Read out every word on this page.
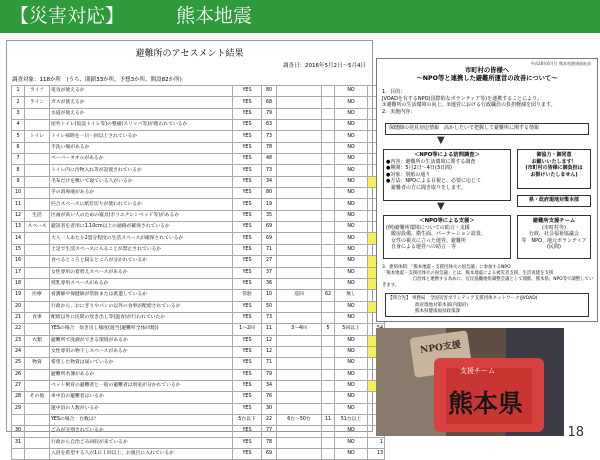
【災害対応】	熊本地震
避難所のアセスメント結果
調査日：2016年5月2日〜5月4日
調査対象：118か所　(うち、閉鎖33か所、予想3か所、開設82か所)
1	ライフ	電気が使えるか	YES	80			NO	
2	ライン	ガスが使えるか	YES	68			NO	
3		水道が使えるか	YES	79			NO	
4		屋外トイレ(仮設トイレ等)の整備(スリッパ等)が使われているか	YES	63			NO	
5	トイレ	トイレ掃除を一日一回以上されているか	YES	73			NO	
6		手洗い場があるか	YES	78			NO	
7		ペーパータオルがあるか	YES	48			NO	
8		トイレ内に汚物入れ等が設置されているか	YES	73			NO	
9		毛布だけを敷いて寝ている人がいるか	YES	34			NO	
10		手の消毒液があるか	YES	80			NO	
11		匹合スペースに紙仕切りが使われているか	YES	19			NO	
12	生活	区画が高い人のための寝具(ポリエチレンベッド等)があるか	YES	35			NO	
13	スペース	避該者を者用に1.10cm以上の通路が確保されているか	YES	69			NO	
14		大人一人あたり2畳分程度の生活スペースが確保されているか	YES	69			NO	
15		土足で生活スペースに入ることが禁止されているか	YES	71			NO	
16		食べるところと寝るところが分かれているか	YES	27			NO	
17		女性専用の着替えスペースがあるか	YES	37			NO	
18		授乳専用スペースがあるか	YES	36			NO	
19	医療	看護師や保健師が常駐または派遣しているか	常駐	10	巡回	62	無し	
20		行政から、おにぎりやパンの以外の食事が配給されているか	YES	50			NO	
21	食事	配給以外に民間の炊き出し等(温食)が行われていたか	YES	73			NO	
22		YESの場合　炊き出し頻度(週当(避難所全体回数))	1〜2回	11	3〜4回	5	5回以上	
23	衣類	避難所で洗濯ができる環境があるか	YES	12			NO	
24		女性専用の物干しスペースがあるか	YES	12			NO	
25	物資	希望した物資は届いているか	YES	71			NO	
26		避難所名簿があるか	YES	79			NO	
27		ペット飼育の避難者と一般の避難者は別室が分かれているか	YES	34			NO	
28	その他	車中泊の避難者はいるか	YES	76			NO	
29		運中泊の人数がいるか	YES	30			NO	
		YESの場合　台数は？	5台以下	22	6台〜50台	11	51台以上	
30		ごみが分別されているか	YES	77			NO	
31		行政から自治ごみ回収が来ているか	YES	78			NO	1
		入浴を希望する人が1日１回以上、お風呂に入れているか	YES	69			NO	13
平成28年6月日 熊本県健康福祉部
市町村の皆様へ
〜NPO等と連携した避難所運営の改善について〜
1．目的：
JVOADを有するNPO(国際的なボランティア等)を連携することにより、
①避難所の生活環境の向上、②運営における行政職員の負担軽減を図ります。
2．実施内容：
保健師の発見対応情報　高かしたいで把握して避難所に関する情報
▼
＜NPO等による訪問調査＞
●内容：避難所の生活環境に関する調査
●期間：5月2日〜4日(3日間)
●対象：別紙の通り
●方法：NPOによる目視と、必要に応じて
　避難者の方に聞き取りをします。
御協力・御同意
お願いいたします！
(市町村の皆様に御負担は
お掛けいたしません)
県・政府現地対策本部
▼
＜NPO等による支援＞
(例)避難所環境についての助言・支援
　暖房設備、衛生面、パーテーション設置、
　女性の視点に立った運営、避難所
　自身による運営への助言　等
避難所支援チーム
(市町村等)
行政、社会福祉協議会
等　NPO、地元ボランティア(民間)
3．連絡体制：「熊本地震・支援団体火の国会議」に参加するNPO
「熊本地震・支援団体火の国会議」とは、熊本地震による被災者支援、生活再建を支援
　　　　　　　自治体と連携する為めに、官民協働連絡調整会議として開催、熊本県、NPO等で調整していきます。
【問合先】 事務局　全国災害ボランティア支援団体ネットワーク(JVOAD)
　　　　　　政府現地対策本部(内閣府)
　　　　　　熊本県健康福祉政策課
NPO支援
支援チーム
熊本県
18
